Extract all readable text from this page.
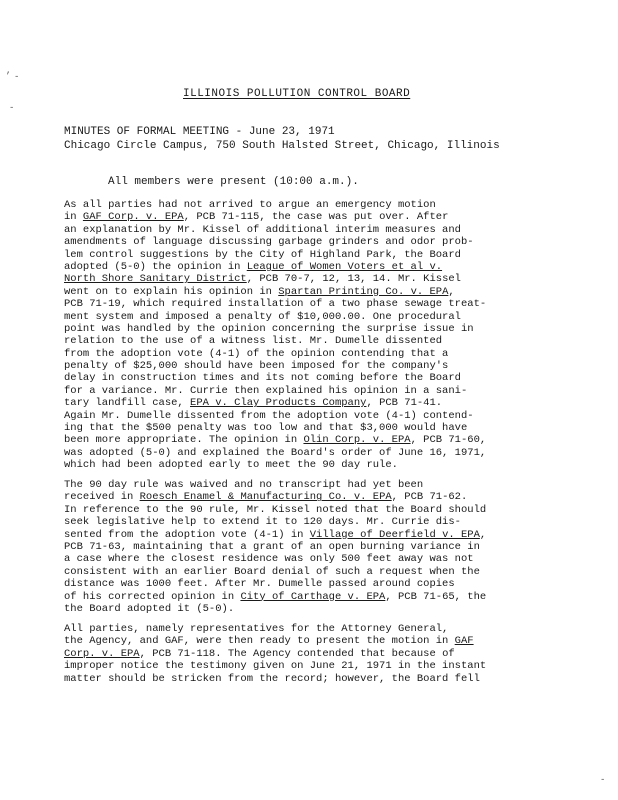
,
-
-
-
ILLINOIS POLLUTION CONTROL BOARD
MINUTES OF FORMAL MEETING - June 23, 1971
Chicago Circle Campus, 750 South Halsted Street, Chicago, Illinois
All members were present (10:00 a.m.).
As all parties had not arrived to argue an emergency motion
in GAF Corp. v. EPA, PCB 71-115, the case was put over. After
an explanation by Mr. Kissel of additional interim measures and
amendments of language discussing garbage grinders and odor prob-
lem control suggestions by the City of Highland Park, the Board
adopted (5-0) the opinion in League of Women Voters et al v.
North Shore Sanitary District, PCB 70-7, 12, 13, 14. Mr. Kissel
went on to explain his opinion in Spartan Printing Co. v. EPA,
PCB 71-19, which required installation of a two phase sewage treat-
ment system and imposed a penalty of $10,000.00. One procedural
point was handled by the opinion concerning the surprise issue in
relation to the use of a witness list. Mr. Dumelle dissented
from the adoption vote (4-1) of the opinion contending that a
penalty of $25,000 should have been imposed for the company's
delay in construction times and its not coming before the Board
for a variance. Mr. Currie then explained his opinion in a sani-
tary landfill case, EPA v. Clay Products Company, PCB 71-41.
Again Mr. Dumelle dissented from the adoption vote (4-1) contend-
ing that the $500 penalty was too low and that $3,000 would have
been more appropriate. The opinion in Olin Corp. v. EPA, PCB 71-60,
was adopted (5-0) and explained the Board's order of June 16, 1971,
which had been adopted early to meet the 90 day rule.
The 90 day rule was waived and no transcript had yet been
received in Roesch Enamel & Manufacturing Co. v. EPA, PCB 71-62.
In reference to the 90 rule, Mr. Kissel noted that the Board should
seek legislative help to extend it to 120 days. Mr. Currie dis-
sented from the adoption vote (4-1) in Village of Deerfield v. EPA,
PCB 71-63, maintaining that a grant of an open burning variance in
a case where the closest residence was only 500 feet away was not
consistent with an earlier Board denial of such a request when the
distance was 1000 feet. After Mr. Dumelle passed around copies
of his corrected opinion in City of Carthage v. EPA, PCB 71-65, the
the Board adopted it (5-0).
All parties, namely representatives for the Attorney General,
the Agency, and GAF, were then ready to present the motion in GAF
Corp. v. EPA, PCB 71-118. The Agency contended that because of
improper notice the testimony given on June 21, 1971 in the instant
matter should be stricken from the record; however, the Board fell
